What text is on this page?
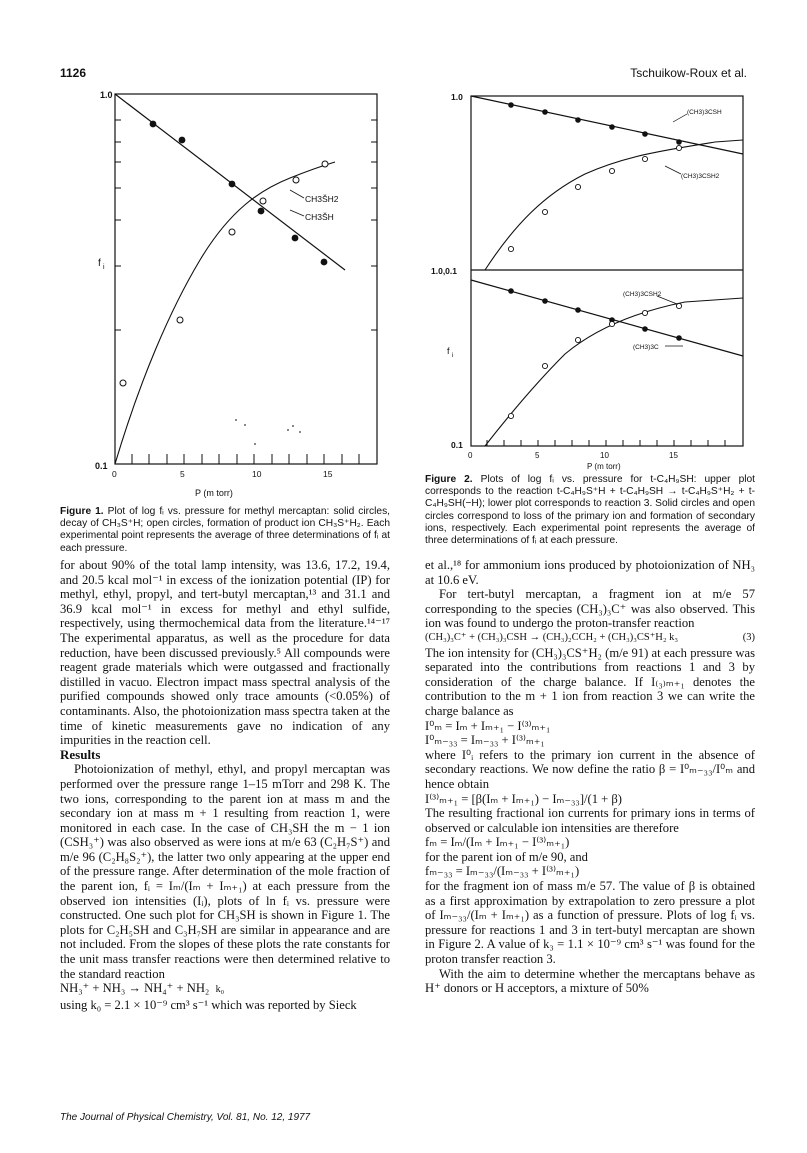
1126	Tschuikow-Roux et al.
CH3ŠH2
CH3ŠH
1.0
0.1
f i
0	5	10	15
P (m torr)
Figure 1. Plot of log fᵢ vs. pressure for methyl mercaptan: solid circles, decay of CH₃S⁺H; open circles, formation of product ion CH₃S⁺H₂. Each experimental point represents the average of three determinations of fᵢ at each pressure.
(CH3)3CSH
(CH3)3CSH2
(CH3)3CSH2
(CH3)3C
1.0
1.0,0.1
0.1
f i
0	5	10	15
P (m torr)
Figure 2. Plots of log fᵢ vs. pressure for t-C₄H₉SH: upper plot corresponds to the reaction t-C₄H₉S⁺H + t-C₄H₉SH → t-C₄H₉S⁺H₂ + t-C₄H₉SH(−H); lower plot corresponds to reaction 3. Solid circles and open circles correspond to loss of the primary ion and formation of secondary ions, respectively. Each experimental point represents the average of three determinations of fᵢ at each pressure.

for about 90% of the total lamp intensity, was 13.6, 17.2, 19.4, and 20.5 kcal mol⁻¹ in excess of the ionization potential (IP) for methyl, ethyl, propyl, and tert-butyl mercaptan,¹³ and 31.1 and 36.9 kcal mol⁻¹ in excess for methyl and ethyl sulfide, respectively, using thermochemical data from the literature.¹⁴⁻¹⁷ The experimental apparatus, as well as the procedure for data reduction, have been discussed previously.⁵ All compounds were reagent grade materials which were outgassed and fractionally distilled in vacuo. Electron impact mass spectral analysis of the purified compounds showed only trace amounts (<0.05%) of contaminants. Also, the photoionization mass spectra taken at the time of kinetic measurements gave no indication of any impurities in the reaction cell.

Results

Photoionization of methyl, ethyl, and propyl mercaptan was performed over the pressure range 1–15 mTorr and 298 K. The two ions, corresponding to the parent ion at mass m and the secondary ion at mass m + 1 resulting from reaction 1, were monitored in each case. In the case of CH₃SH the m − 1 ion (CSH₃⁺) was also observed as were ions at m/e 63 (C₂H₇S⁺) and m/e 96 (C₂H₈S₂⁺), the latter two only appearing at the upper end of the pressure range. After determination of the mole fraction of the parent ion, fᵢ = Iₘ/(Iₘ + Iₘ₊₁) at each pressure from the observed ion intensities (Iᵢ), plots of ln fᵢ vs. pressure were constructed. One such plot for CH₃SH is shown in Figure 1. The plots for C₂H₅SH and C₃H₇SH are similar in appearance and are not included. From the slopes of these plots the rate constants for the unit mass transfer reactions were then determined relative to the standard reaction

NH₃⁺ + NH₃ → NH₄⁺ + NH₂ k₀

using k₀ = 2.1 × 10⁻⁹ cm³ s⁻¹ which was reported by Sieck

et al.,¹⁸ for ammonium ions produced by photoionization of NH₃ at 10.6 eV.

For tert-butyl mercaptan, a fragment ion at m/e 57 corresponding to the species (CH₃)₃C⁺ was also observed. This ion was found to undergo the proton-transfer reaction

(CH₃)₃C⁺ + (CH₃)₃CSH → (CH₃)₂CCH₂ + (CH₃)₃CS⁺H₂ k₃	(3)

The ion intensity for (CH₃)₃CS⁺H₂ (m/e 91) at each pressure was separated into the contributions from reactions 1 and 3 by consideration of the charge balance. If I₍₃₎ₘ₊₁ denotes the contribution to the m + 1 ion from reaction 3 we can write the charge balance as

I⁰ₘ = Iₘ + Iₘ₊₁ − I⁽³⁾ₘ₊₁

I⁰ₘ₋₃₃ = Iₘ₋₃₃ + I⁽³⁾ₘ₊₁

where I⁰ᵢ refers to the primary ion current in the absence of secondary reactions. We now define the ratio β = I⁰ₘ₋₃₃/I⁰ₘ and hence obtain

I⁽³⁾ₘ₊₁ = [β(Iₘ + Iₘ₊₁) − Iₘ₋₃₃]/(1 + β)

The resulting fractional ion currents for primary ions in terms of observed or calculable ion intensities are therefore

fₘ = Iₘ/(Iₘ + Iₘ₊₁ − I⁽³⁾ₘ₊₁)

for the parent ion of m/e 90, and

fₘ₋₃₃ = Iₘ₋₃₃/(Iₘ₋₃₃ + I⁽³⁾ₘ₊₁)

for the fragment ion of mass m/e 57. The value of β is obtained as a first approximation by extrapolation to zero pressure a plot of Iₘ₋₃₃/(Iₘ + Iₘ₊₁) as a function of pressure. Plots of log fᵢ vs. pressure for reactions 1 and 3 in tert-butyl mercaptan are shown in Figure 2. A value of k₃ = 1.1 × 10⁻⁹ cm³ s⁻¹ was found for the proton transfer reaction 3.

With the aim to determine whether the mercaptans behave as H⁺ donors or H acceptors, a mixture of 50%

The Journal of Physical Chemistry, Vol. 81, No. 12, 1977
